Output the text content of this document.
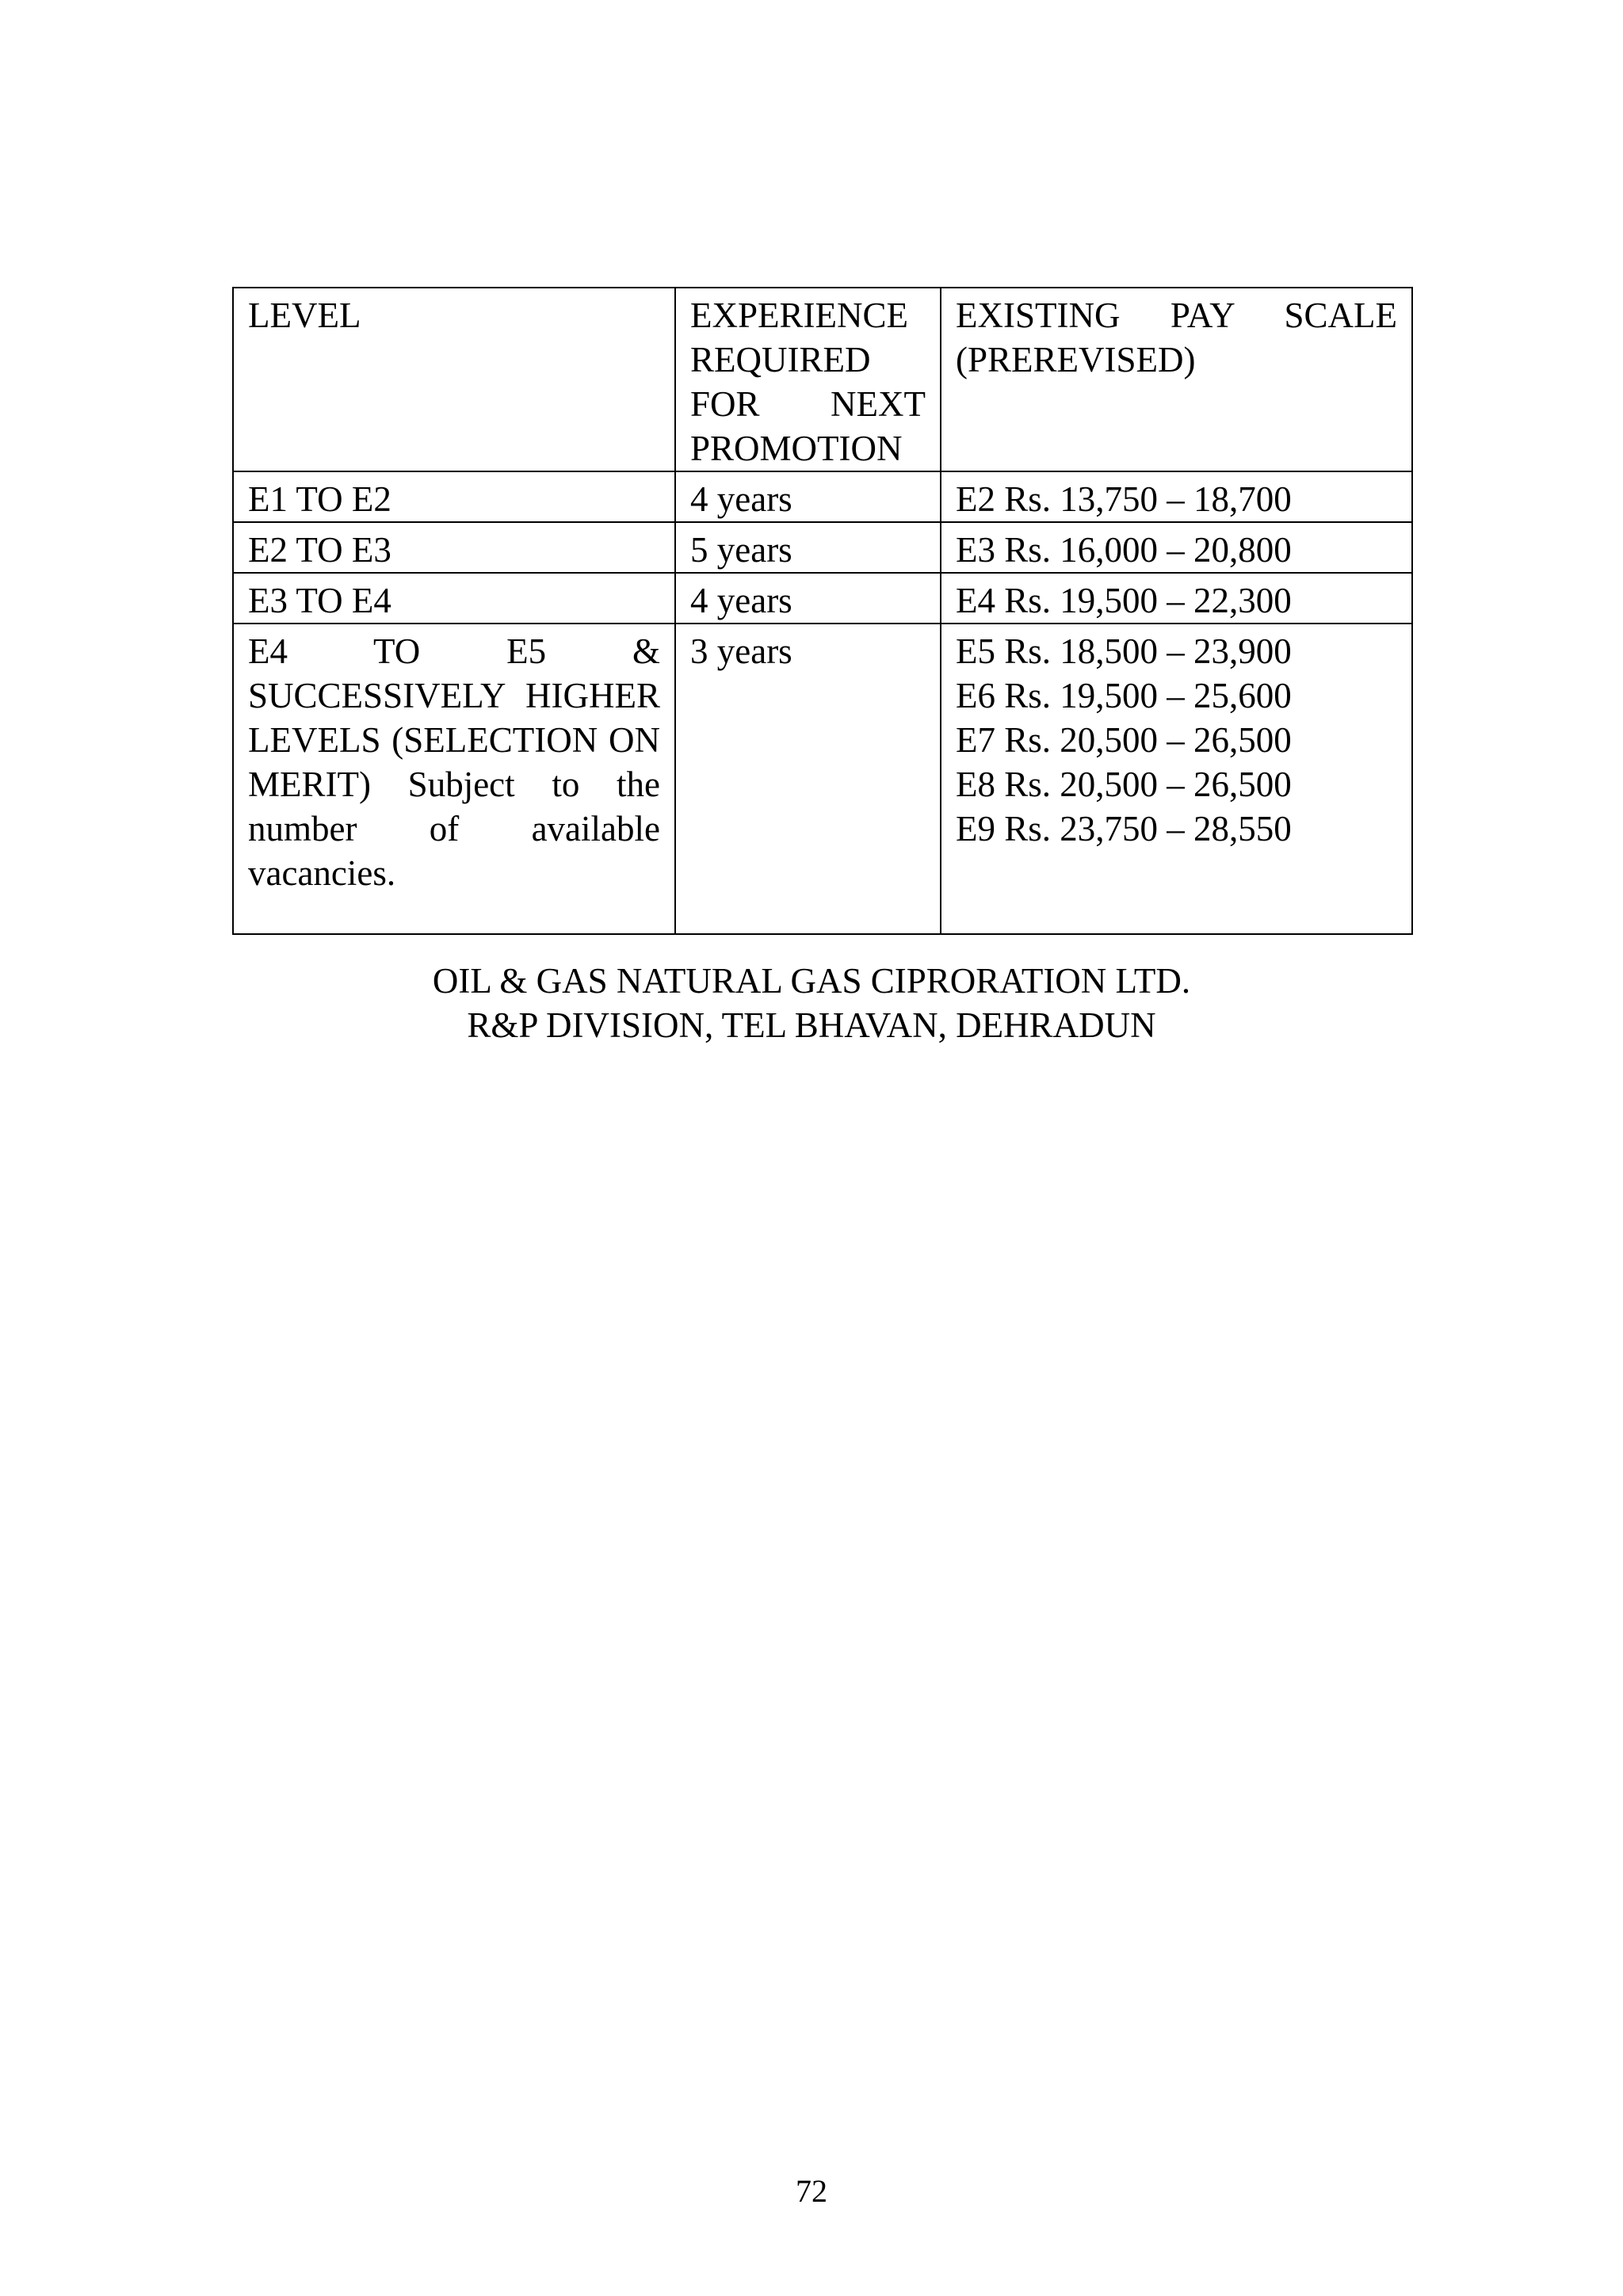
LEVEL	EXPERIENCE REQUIRED FOR NEXT PROMOTION	EXISTING PAY SCALE (PREREVISED)
E1 TO E2	4 years	E2 Rs. 13,750 – 18,700

E2 TO E3	5 years	E3 Rs. 16,000 – 20,800

E3 TO E4	4 years	E4 Rs. 19,500 – 22,300

E4 TO E5 & SUCCESSIVELY HIGHER LEVELS (SELECTION ON MERIT) Subject to the number of available vacancies.	3 years	E5 Rs. 18,500 – 23,900
E6 Rs. 19,500 – 25,600
E7 Rs. 20,500 – 26,500
E8 Rs. 20,500 – 26,500
E9 Rs. 23,750 – 28,550
OIL & GAS NATURAL GAS CIPRORATION LTD.
R&P DIVISION, TEL BHAVAN, DEHRADUN
72
